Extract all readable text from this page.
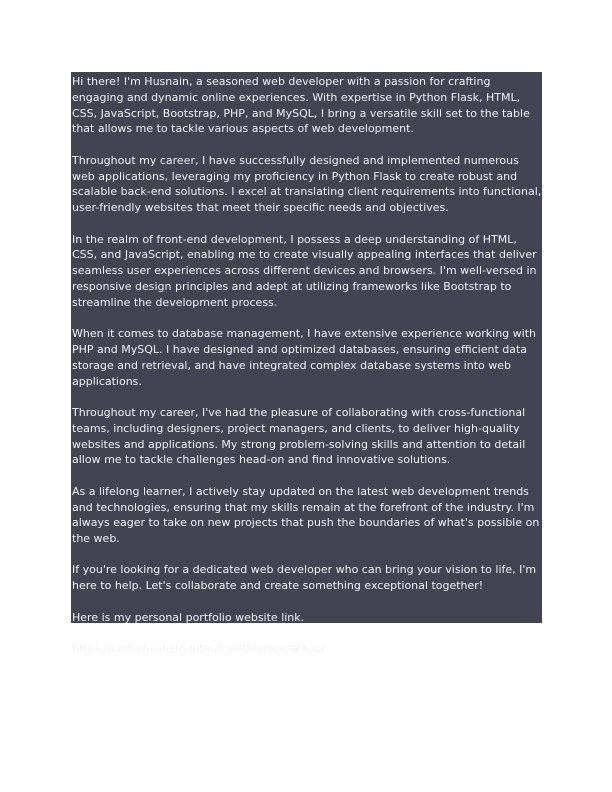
Hi there! I'm Husnain, a seasoned web developer with a passion for crafting engaging and dynamic online experiences. With expertise in Python Flask, HTML, CSS, JavaScript, Bootstrap, PHP, and MySQL, I bring a versatile skill set to the table that allows me to tackle various aspects of web development.

Throughout my career, I have successfully designed and implemented numerous web applications, leveraging my proficiency in Python Flask to create robust and scalable back-end solutions. I excel at translating client requirements into functional, user-friendly websites that meet their specific needs and objectives.

In the realm of front-end development, I possess a deep understanding of HTML, CSS, and JavaScript, enabling me to create visually appealing interfaces that deliver seamless user experiences across different devices and browsers. I'm well-versed in responsive design principles and adept at utilizing frameworks like Bootstrap to streamline the development process.

When it comes to database management, I have extensive experience working with PHP and MySQL. I have designed and optimized databases, ensuring efficient data storage and retrieval, and have integrated complex database systems into web applications.

Throughout my career, I've had the pleasure of collaborating with cross-functional teams, including designers, project managers, and clients, to deliver high-quality websites and applications. My strong problem-solving skills and attention to detail allow me to tackle challenges head-on and find innovative solutions.

As a lifelong learner, I actively stay updated on the latest web development trends and technologies, ensuring that my skills remain at the forefront of the industry. I'm always eager to take on new projects that push the boundaries of what's possible on the web.

If you're looking for a dedicated web developer who can bring your vision to life, I'm here to help. Let's collaborate and create something exceptional together!

Here is my personal portfolio website link.

https://coderhusnain.github.io/DevHusnain.io/
